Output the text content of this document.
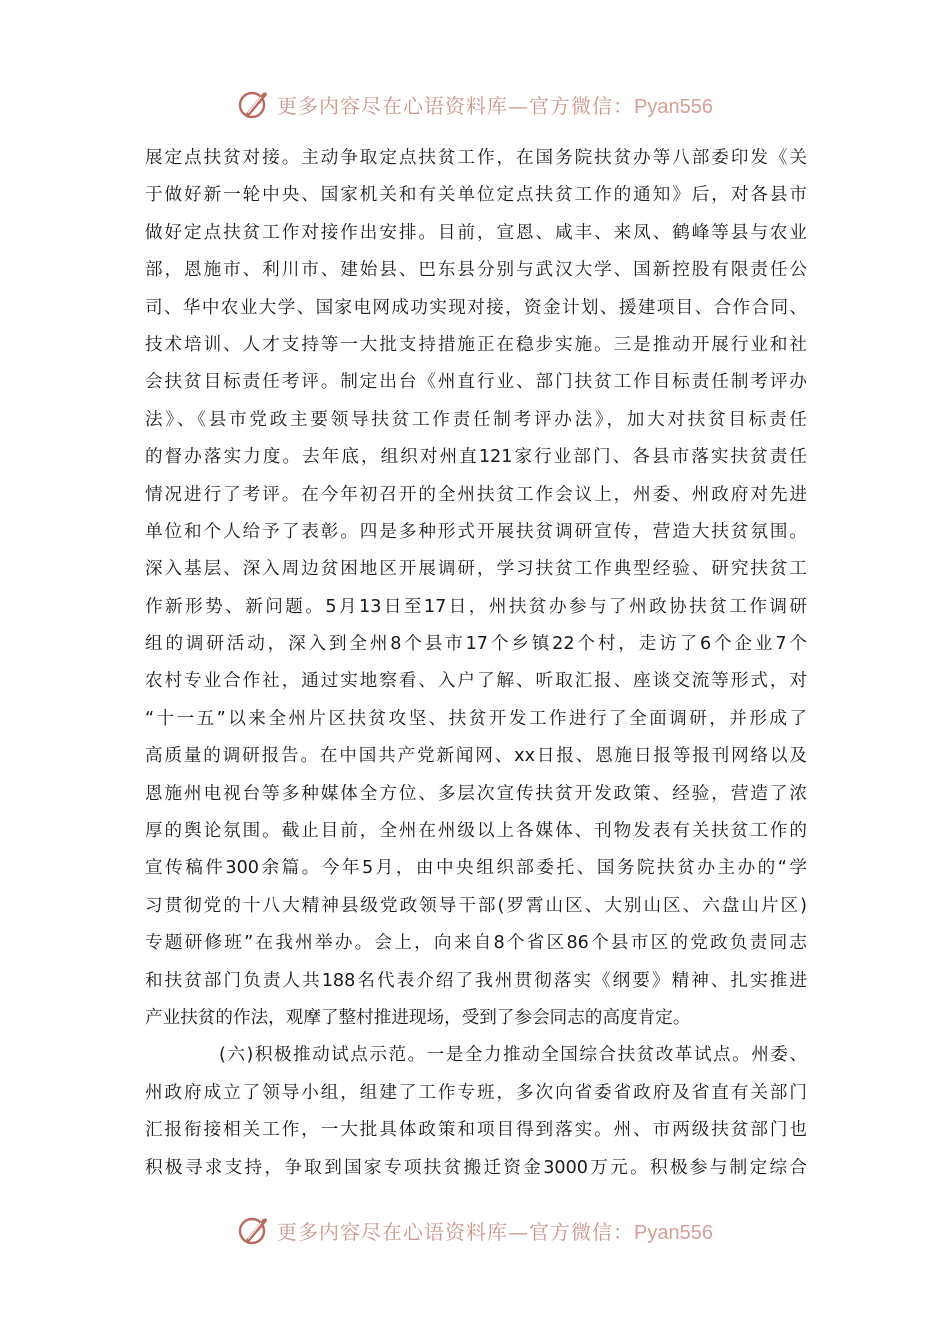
更多内容尽在心语资料库—官方微信：Pyan556
展定点扶贫对接。主动争取定点扶贫工作，在国务院扶贫办等八部委印发《关
于做好新一轮中央、国家机关和有关单位定点扶贫工作的通知》后，对各县市
做好定点扶贫工作对接作出安排。目前，宣恩、咸丰、来凤、鹤峰等县与农业
部，恩施市、利川市、建始县、巴东县分别与武汉大学、国新控股有限责任公
司、华中农业大学、国家电网成功实现对接，资金计划、援建项目、合作合同、
技术培训、人才支持等一大批支持措施正在稳步实施。三是推动开展行业和社
会扶贫目标责任考评。制定出台《州直行业、部门扶贫工作目标责任制考评办
法》、《县市党政主要领导扶贫工作责任制考评办法》，加大对扶贫目标责任
的督办落实力度。去年底，组织对州直121家行业部门、各县市落实扶贫责任
情况进行了考评。在今年初召开的全州扶贫工作会议上，州委、州政府对先进
单位和个人给予了表彰。四是多种形式开展扶贫调研宣传，营造大扶贫氛围。
深入基层、深入周边贫困地区开展调研，学习扶贫工作典型经验、研究扶贫工
作新形势、新问题。5月13日至17日，州扶贫办参与了州政协扶贫工作调研
组的调研活动，深入到全州8个县市17个乡镇22个村，走访了6个企业7个
农村专业合作社，通过实地察看、入户了解、听取汇报、座谈交流等形式，对
“十一五”以来全州片区扶贫攻坚、扶贫开发工作进行了全面调研，并形成了
高质量的调研报告。在中国共产党新闻网、xx日报、恩施日报等报刊网络以及
恩施州电视台等多种媒体全方位、多层次宣传扶贫开发政策、经验，营造了浓
厚的舆论氛围。截止目前，全州在州级以上各媒体、刊物发表有关扶贫工作的
宣传稿件300余篇。今年5月，由中央组织部委托、国务院扶贫办主办的“学
习贯彻党的十八大精神县级党政领导干部(罗霄山区、大别山区、六盘山片区)
专题研修班”在我州举办。会上，向来自8个省区86个县市区的党政负责同志
和扶贫部门负责人共188名代表介绍了我州贯彻落实《纲要》精神、扎实推进
产业扶贫的作法，观摩了整村推进现场，受到了参会同志的高度肯定。
(六)积极推动试点示范。一是全力推动全国综合扶贫改革试点。州委、
州政府成立了领导小组，组建了工作专班，多次向省委省政府及省直有关部门
汇报衔接相关工作，一大批具体政策和项目得到落实。州、市两级扶贫部门也
积极寻求支持，争取到国家专项扶贫搬迁资金3000万元。积极参与制定综合
更多内容尽在心语资料库—官方微信：Pyan556
